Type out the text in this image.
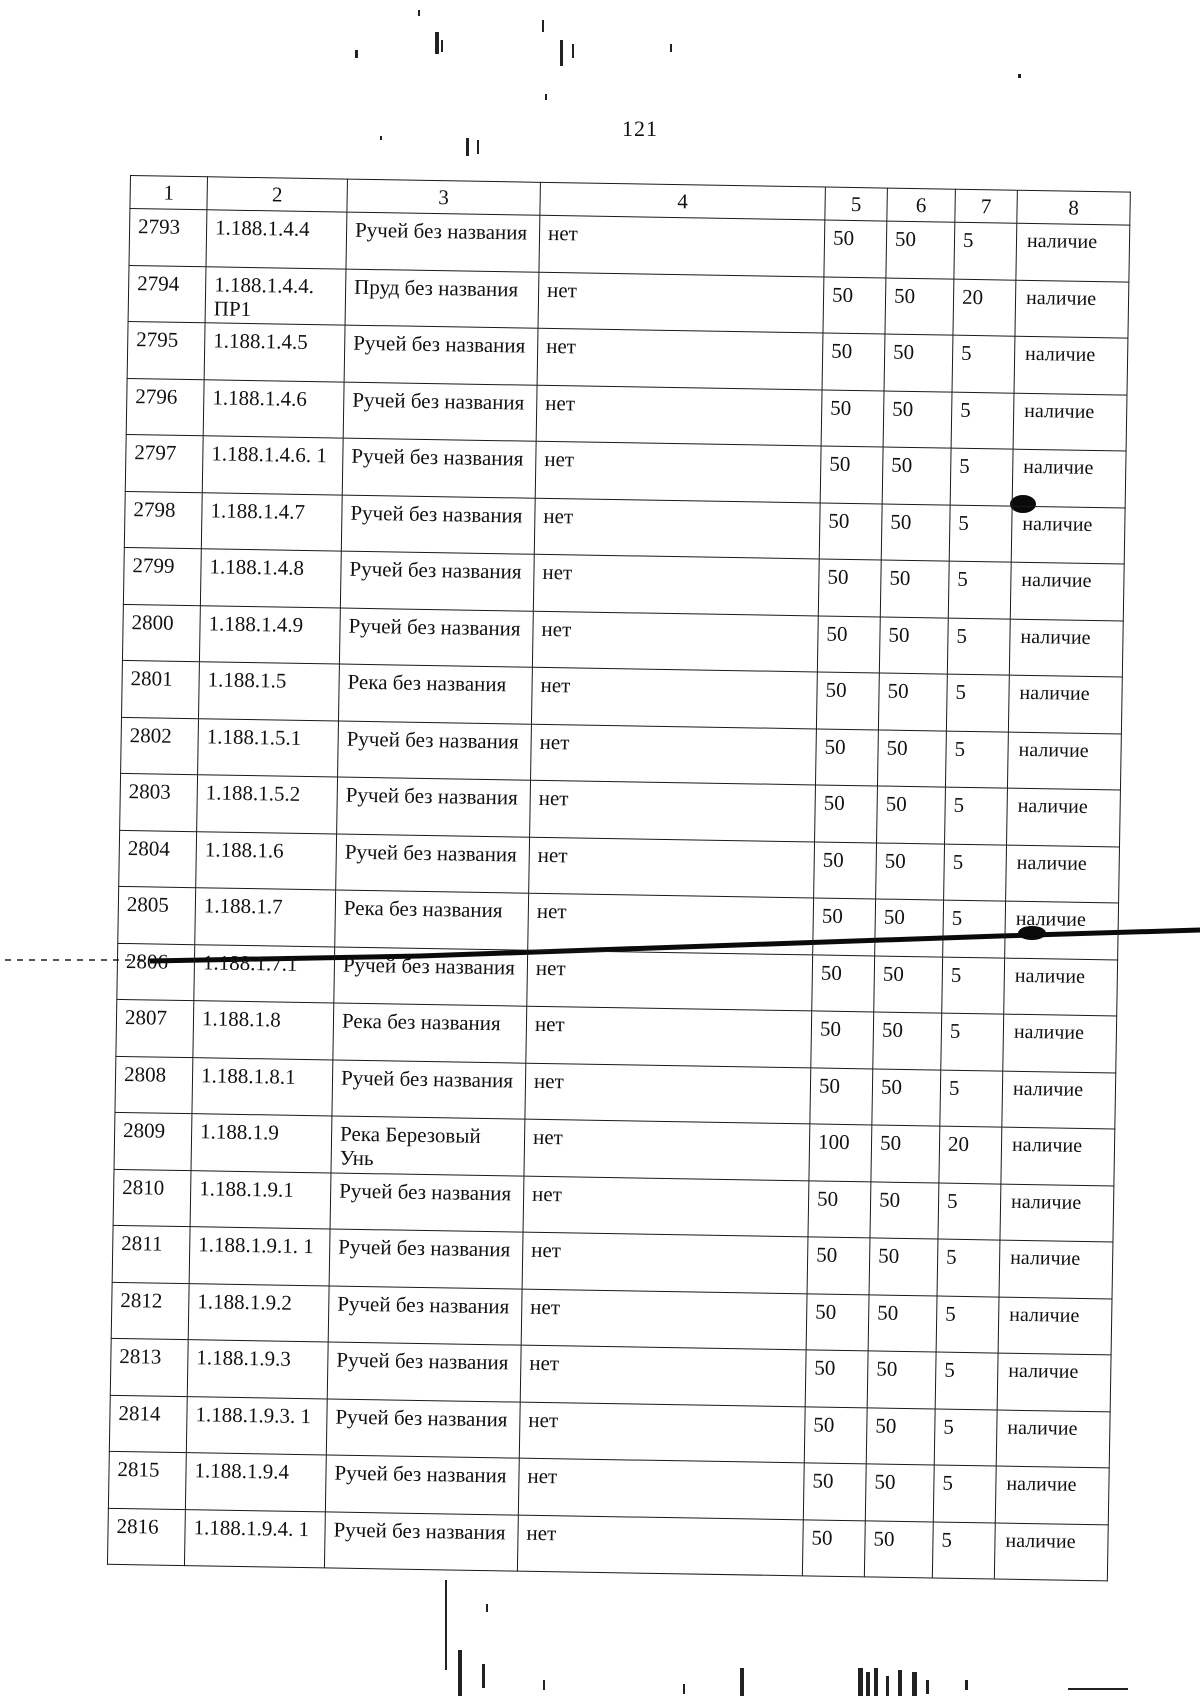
121
1	2	3	4	5	6	7	8
2793	1.188.1.4.4	Ручей без названия	нет	50	50	5	наличие
2794	1.188.1.4.4. ПР1	Пруд без названия	нет	50	50	20	наличие
2795	1.188.1.4.5	Ручей без названия	нет	50	50	5	наличие
2796	1.188.1.4.6	Ручей без названия	нет	50	50	5	наличие
2797	1.188.1.4.6. 1	Ручей без названия	нет	50	50	5	наличие
2798	1.188.1.4.7	Ручей без названия	нет	50	50	5	наличие
2799	1.188.1.4.8	Ручей без названия	нет	50	50	5	наличие
2800	1.188.1.4.9	Ручей без названия	нет	50	50	5	наличие
2801	1.188.1.5	Река без названия	нет	50	50	5	наличие
2802	1.188.1.5.1	Ручей без названия	нет	50	50	5	наличие
2803	1.188.1.5.2	Ручей без названия	нет	50	50	5	наличие
2804	1.188.1.6	Ручей без названия	нет	50	50	5	наличие
2805	1.188.1.7	Река без названия	нет	50	50	5	наличие
2806	1.188.1.7.1	Ручей без названия	нет	50	50	5	наличие
2807	1.188.1.8	Река без названия	нет	50	50	5	наличие
2808	1.188.1.8.1	Ручей без названия	нет	50	50	5	наличие
2809	1.188.1.9	Река Березовый Унь	нет	100	50	20	наличие
2810	1.188.1.9.1	Ручей без названия	нет	50	50	5	наличие
2811	1.188.1.9.1. 1	Ручей без названия	нет	50	50	5	наличие
2812	1.188.1.9.2	Ручей без названия	нет	50	50	5	наличие
2813	1.188.1.9.3	Ручей без названия	нет	50	50	5	наличие
2814	1.188.1.9.3. 1	Ручей без названия	нет	50	50	5	наличие
2815	1.188.1.9.4	Ручей без названия	нет	50	50	5	наличие
2816	1.188.1.9.4. 1	Ручей без названия	нет	50	50	5	наличие
